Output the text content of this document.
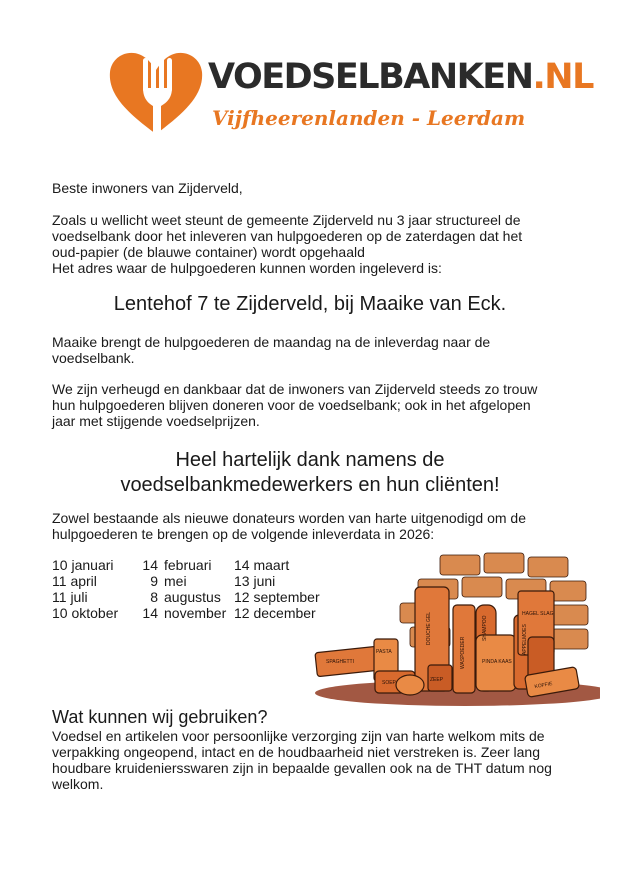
VOEDSELBANKEN.NL
Vijfheerenlanden - Leerdam

Beste inwoners van Zijderveld,

Zoals u wellicht weet steunt de gemeente Zijderveld nu 3 jaar structureel de
voedselbank door het inleveren van hulpgoederen op de zaterdagen dat het
oud-papier (de blauwe container) wordt opgehaald
Het adres waar de hulpgoederen kunnen worden ingeleverd is:
Lentehof 7 te Zijderveld, bij Maaike van Eck.
Maaike brengt de hulpgoederen de maandag na de inleverdag naar de
voedselbank.
We zijn verheugd en dankbaar dat de inwoners van Zijderveld steeds zo trouw
hun hulpgoederen blijven doneren voor de voedselbank; ook in het afgelopen
jaar met stijgende voedselprijzen.
Heel hartelijk dank namens de
voedselbankmedewerkers en hun cliënten!
Zowel bestaande als nieuwe donateurs worden van harte uitgenodigd om de
hulpgoederen te brengen op de volgende inleverdata in 2026:
10 januari	14 februari 14 maart
11 april	9 mei	13 juni
11 juli	8 augustus 12 september
10 oktober	14 november 12 december
SPAGHETTI
PASTA
DOUCHE GEL
SOEP	ZEEP
WASPOEDER
SHAMPOO
PINDA KAAS
APPELMOES
HAGEL SLAG
KOFFIE
Wat kunnen wij gebruiken?
Voedsel en artikelen voor persoonlijke verzorging zijn van harte welkom mits de
verpakking ongeopend, intact en de houdbaarheid niet verstreken is. Zeer lang
houdbare kruideniersswaren zijn in bepaalde gevallen ook na de THT datum nog
welkom.
